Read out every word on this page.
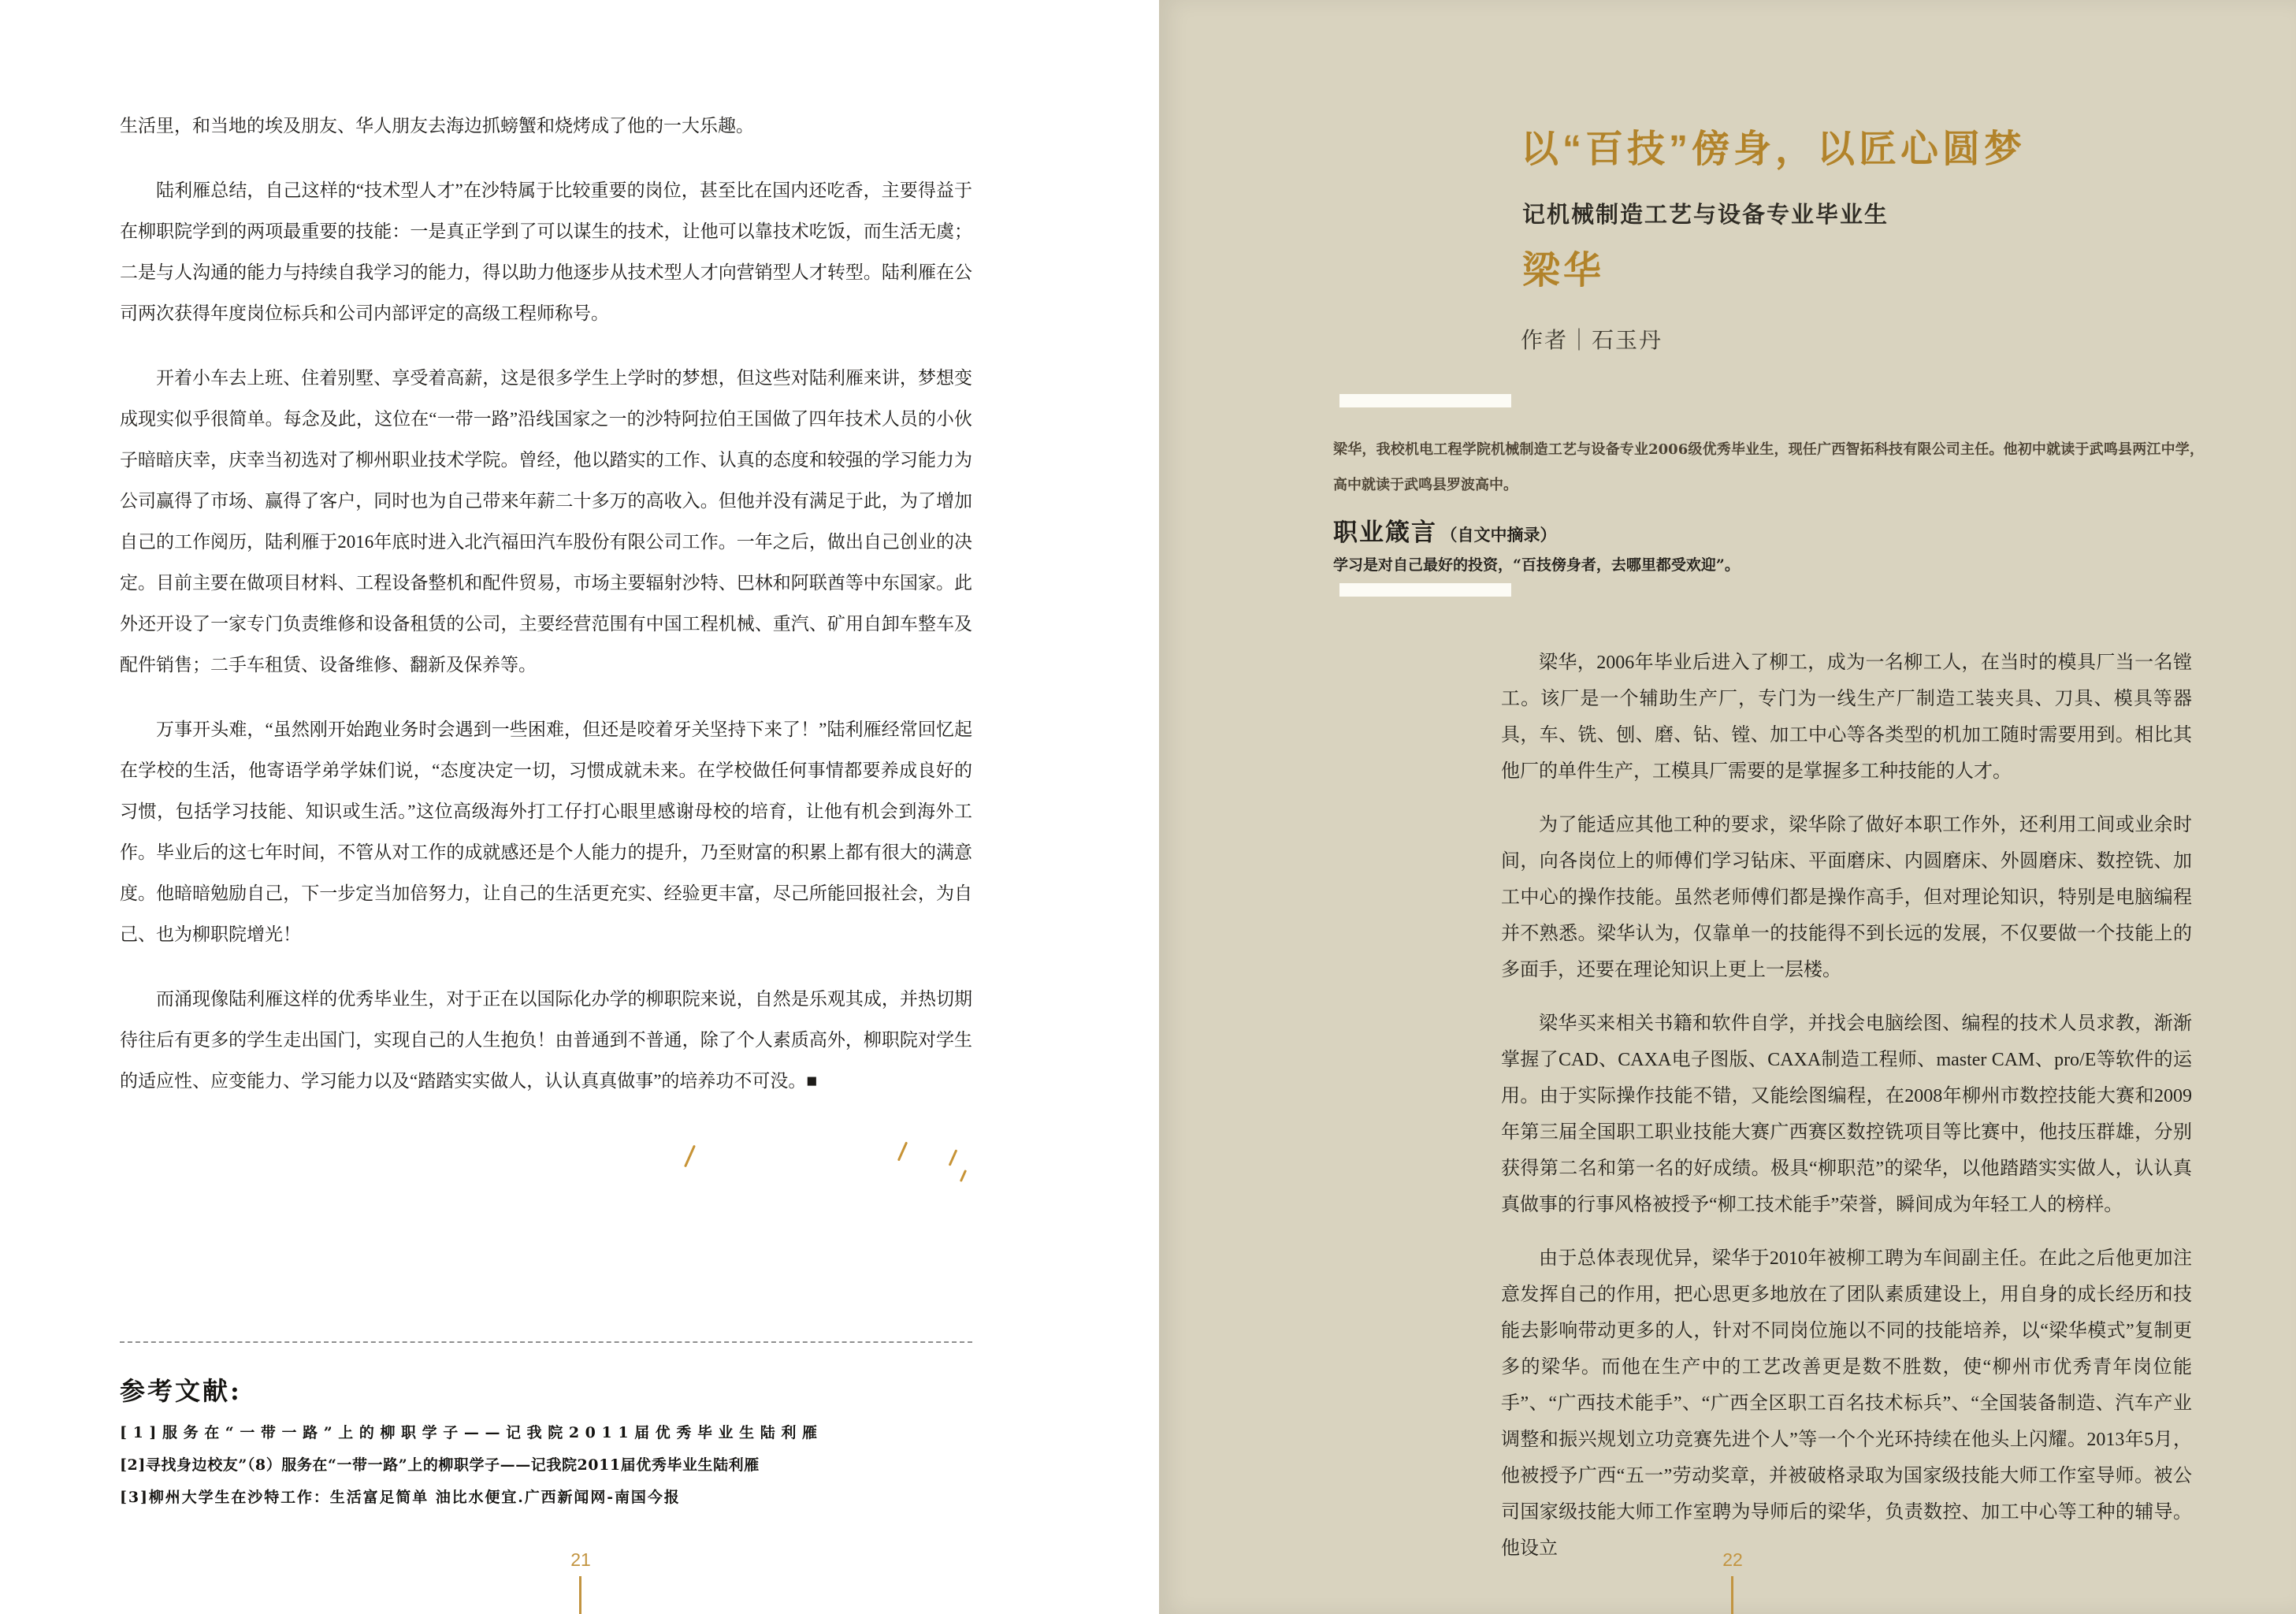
生活里，和当地的埃及朋友、华人朋友去海边抓螃蟹和烧烤成了他的一大乐趣。

陆利雁总结，自己这样的“技术型人才”在沙特属于比较重要的岗位，甚至比在国内还吃香，主要得益于在柳职院学到的两项最重要的技能：一是真正学到了可以谋生的技术，让他可以靠技术吃饭，而生活无虞；二是与人沟通的能力与持续自我学习的能力，得以助力他逐步从技术型人才向营销型人才转型。陆利雁在公司两次获得年度岗位标兵和公司内部评定的高级工程师称号。

开着小车去上班、住着别墅、享受着高薪，这是很多学生上学时的梦想，但这些对陆利雁来讲，梦想变成现实似乎很简单。每念及此，这位在“一带一路”沿线国家之一的沙特阿拉伯王国做了四年技术人员的小伙子暗暗庆幸，庆幸当初选对了柳州职业技术学院。曾经，他以踏实的工作、认真的态度和较强的学习能力为公司赢得了市场、赢得了客户，同时也为自己带来年薪二十多万的高收入。但他并没有满足于此，为了增加自己的工作阅历，陆利雁于2016年底时进入北汽福田汽车股份有限公司工作。一年之后，做出自己创业的决定。目前主要在做项目材料、工程设备整机和配件贸易，市场主要辐射沙特、巴林和阿联酋等中东国家。此外还开设了一家专门负责维修和设备租赁的公司，主要经营范围有中国工程机械、重汽、矿用自卸车整车及配件销售；二手车租赁、设备维修、翻新及保养等。

万事开头难，“虽然刚开始跑业务时会遇到一些困难，但还是咬着牙关坚持下来了！”陆利雁经常回忆起在学校的生活，他寄语学弟学妹们说，“态度决定一切，习惯成就未来。在学校做任何事情都要养成良好的习惯，包括学习技能、知识或生活。”这位高级海外打工仔打心眼里感谢母校的培育，让他有机会到海外工作。毕业后的这七年时间，不管从对工作的成就感还是个人能力的提升，乃至财富的积累上都有很大的满意度。他暗暗勉励自己，下一步定当加倍努力，让自己的生活更充实、经验更丰富，尽己所能回报社会，为自己、也为柳职院增光！

而涌现像陆利雁这样的优秀毕业生，对于正在以国际化办学的柳职院来说，自然是乐观其成，并热切期待往后有更多的学生走出国门，实现自己的人生抱负！由普通到不普通，除了个人素质高外，柳职院对学生的适应性、应变能力、学习能力以及“踏踏实实做人，认认真真做事”的培养功不可没。■

参考文献:

[1]服务在“一带一路”上的柳职学子——记我院2011届优秀毕业生陆利雁

[2]寻找身边校友”（8）服务在“一带一路”上的柳职学子——记我院2011届优秀毕业生陆利雁

[3]柳州大学生在沙特工作：生活富足简单 油比水便宜.广西新闻网-南国今报

21
以“百技”傍身，以匠心圆梦
记机械制造工艺与设备专业毕业生
梁华
作者｜石玉丹
梁华，我校机电工程学院机械制造工艺与设备专业2006级优秀毕业生，现任广西智拓科技有限公司主任。他初中就读于武鸣县两江中学，高中就读于武鸣县罗波高中。
职业箴言 （自文中摘录）
学习是对自己最好的投资，“百技傍身者，去哪里都受欢迎”。

梁华，2006年毕业后进入了柳工，成为一名柳工人，在当时的模具厂当一名镗工。该厂是一个辅助生产厂，专门为一线生产厂制造工装夹具、刀具、模具等器具，车、铣、刨、磨、钻、镗、加工中心等各类型的机加工随时需要用到。相比其他厂的单件生产，工模具厂需要的是掌握多工种技能的人才。

为了能适应其他工种的要求，梁华除了做好本职工作外，还利用工间或业余时间，向各岗位上的师傅们学习钻床、平面磨床、内圆磨床、外圆磨床、数控铣、加工中心的操作技能。虽然老师傅们都是操作高手，但对理论知识，特别是电脑编程并不熟悉。梁华认为，仅靠单一的技能得不到长远的发展，不仅要做一个技能上的多面手，还要在理论知识上更上一层楼。

梁华买来相关书籍和软件自学，并找会电脑绘图、编程的技术人员求教，渐渐掌握了CAD、CAXA电子图版、CAXA制造工程师、master CAM、pro/E等软件的运用。由于实际操作技能不错，又能绘图编程，在2008年柳州市数控技能大赛和2009年第三届全国职工职业技能大赛广西赛区数控铣项目等比赛中，他技压群雄，分别获得第二名和第一名的好成绩。极具“柳职范”的梁华，以他踏踏实实做人，认认真真做事的行事风格被授予“柳工技术能手”荣誉，瞬间成为年轻工人的榜样。

由于总体表现优异，梁华于2010年被柳工聘为车间副主任。在此之后他更加注意发挥自己的作用，把心思更多地放在了团队素质建设上，用自身的成长经历和技能去影响带动更多的人，针对不同岗位施以不同的技能培养，以“梁华模式”复制更多的梁华。而他在生产中的工艺改善更是数不胜数，使“柳州市优秀青年岗位能手”、“广西技术能手”、“广西全区职工百名技术标兵”、“全国装备制造、汽车产业调整和振兴规划立功竞赛先进个人”等一个个光环持续在他头上闪耀。2013年5月，他被授予广西“五一”劳动奖章，并被破格录取为国家级技能大师工作室导师。被公司国家级技能大师工作室聘为导师后的梁华，负责数控、加工中心等工种的辅导。他设立

22
